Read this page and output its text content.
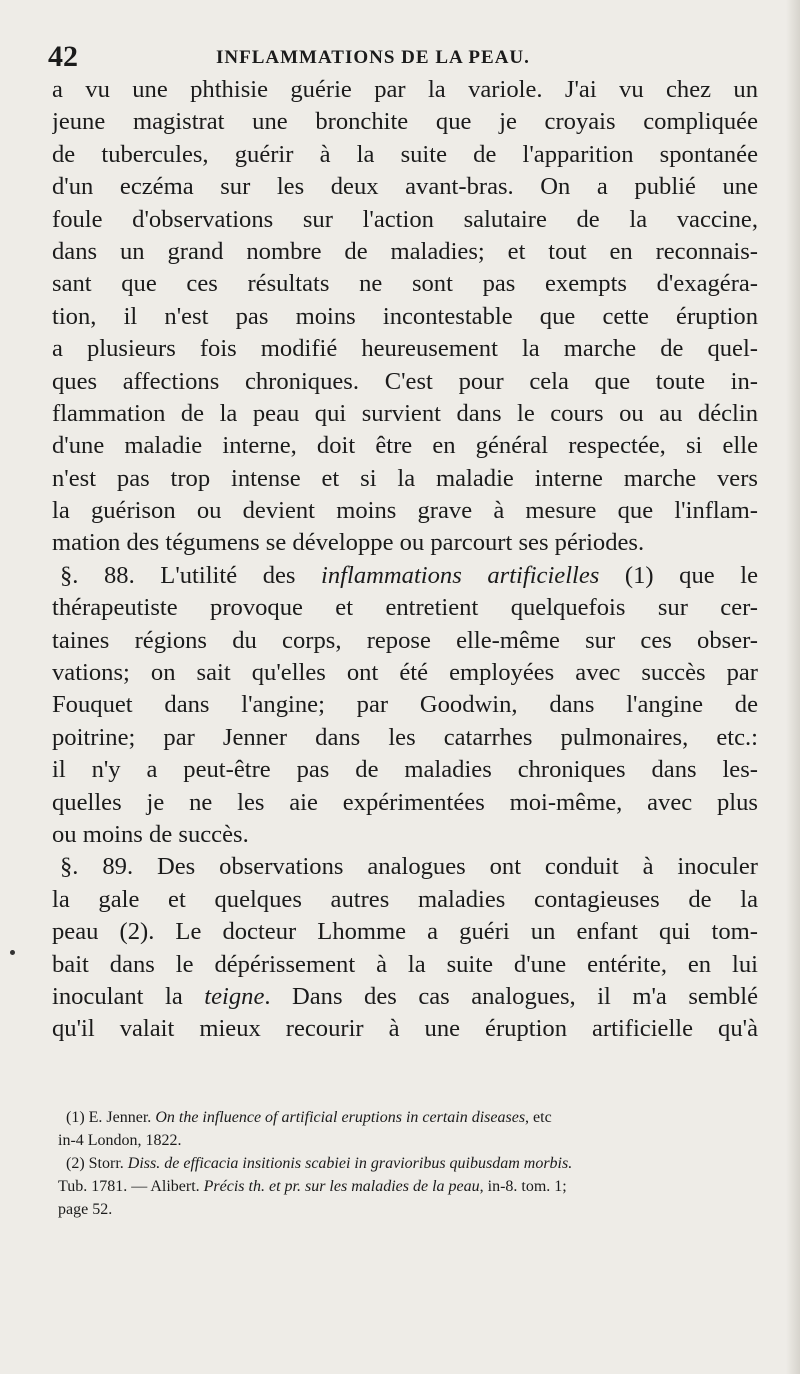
42	INFLAMMATIONS DE LA PEAU.
a vu une phthisie guérie par la variole. J'ai vu chez un
jeune magistrat une bronchite que je croyais compliquée
de tubercules, guérir à la suite de l'apparition spontanée
d'un eczéma sur les deux avant-bras. On a publié une
foule d'observations sur l'action salutaire de la vaccine,
dans un grand nombre de maladies; et tout en reconnais-
sant que ces résultats ne sont pas exempts d'exagéra-
tion, il n'est pas moins incontestable que cette éruption
a plusieurs fois modifié heureusement la marche de quel-
ques affections chroniques. C'est pour cela que toute in-
flammation de la peau qui survient dans le cours ou au déclin
d'une maladie interne, doit être en général respectée, si elle
n'est pas trop intense et si la maladie interne marche vers
la guérison ou devient moins grave à mesure que l'inflam-
mation des tégumens se développe ou parcourt ses périodes.
§. 88. L'utilité des inflammations artificielles (1) que le
thérapeutiste provoque et entretient quelquefois sur cer-
taines régions du corps, repose elle-même sur ces obser-
vations; on sait qu'elles ont été employées avec succès par
Fouquet dans l'angine; par Goodwin, dans l'angine de
poitrine; par Jenner dans les catarrhes pulmonaires, etc.:
il n'y a peut-être pas de maladies chroniques dans les-
quelles je ne les aie expérimentées moi-même, avec plus
ou moins de succès.
§. 89. Des observations analogues ont conduit à inoculer
la gale et quelques autres maladies contagieuses de la
peau (2). Le docteur Lhomme a guéri un enfant qui tom-
bait dans le dépérissement à la suite d'une entérite, en lui
inoculant la teigne. Dans des cas analogues, il m'a semblé
qu'il valait mieux recourir à une éruption artificielle qu'à
(1) E. Jenner. On the influence of artificial eruptions in certain diseases, etc
in-4 London, 1822.
(2) Storr. Diss. de efficacia insitionis scabiei in gravioribus quibusdam morbis.
Tub. 1781. — Alibert. Précis th. et pr. sur les maladies de la peau, in-8. tom. 1;
page 52.
